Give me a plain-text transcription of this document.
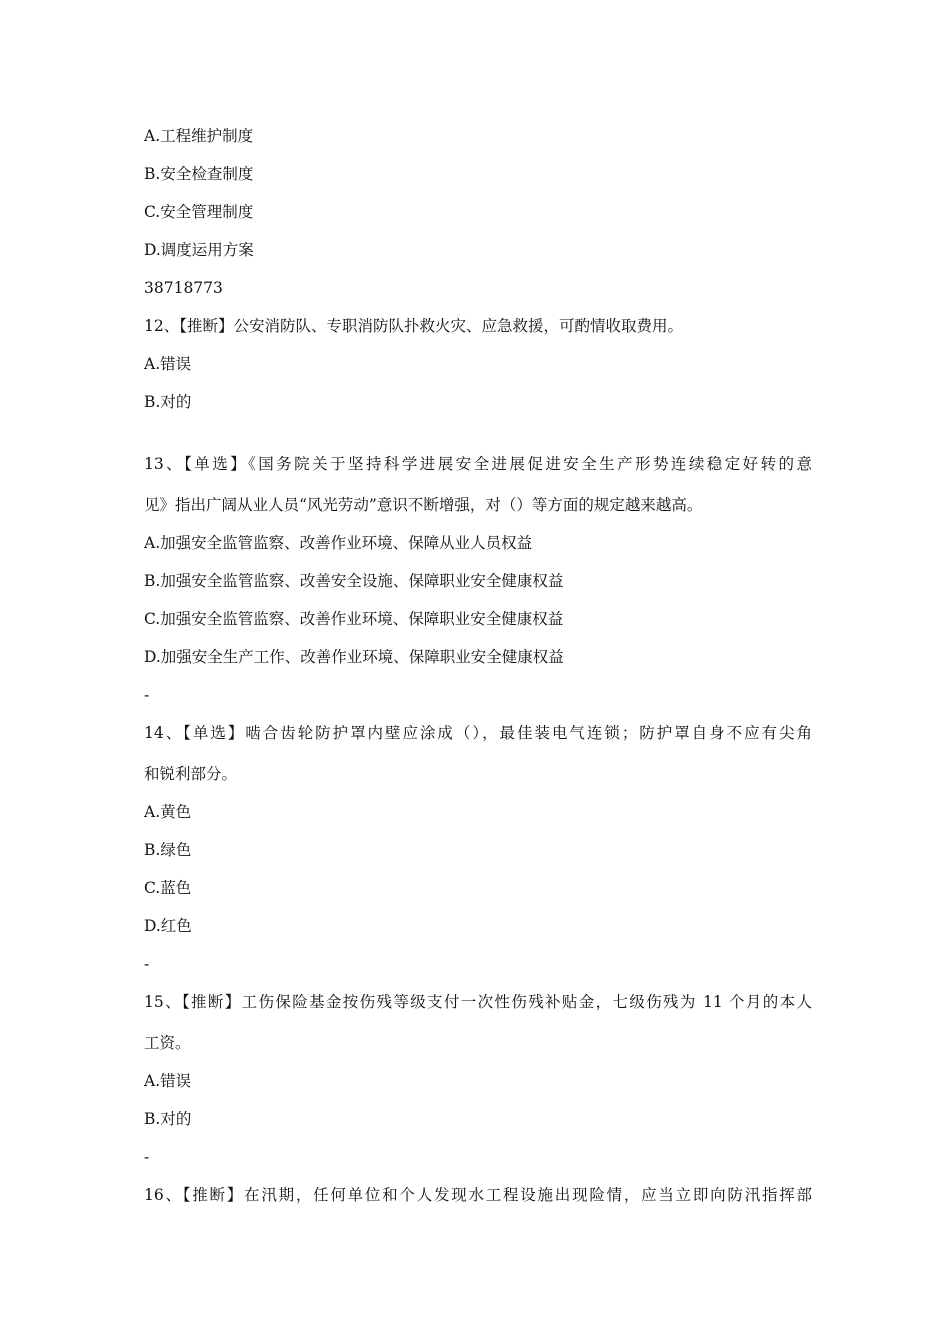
A.工程维护制度
B.安全检查制度
C.安全管理制度
D.调度运用方案
38718773
12、【推断】公安消防队、专职消防队扑救火灾、应急救援，可酌情收取费用。
A.错误
B.对的
13、【单选】《国务院关于坚持科学进展安全进展促进安全生产形势连续稳定好转的意
见》指出广阔从业人员“风光劳动”意识不断增强，对（）等方面的规定越来越高。
A.加强安全监管监察、改善作业环境、保障从业人员权益
B.加强安全监管监察、改善安全设施、保障职业安全健康权益
C.加强安全监管监察、改善作业环境、保障职业安全健康权益
D.加强安全生产工作、改善作业环境、保障职业安全健康权益
-
14、【单选】啮合齿轮防护罩内壁应涂成（），最佳装电气连锁；防护罩自身不应有尖角
和锐利部分。
A.黄色
B.绿色
C.蓝色
D.红色
-
15、【推断】工伤保险基金按伤残等级支付一次性伤残补贴金，七级伤残为 11 个月的本人
工资。
A.错误
B.对的
-
16、【推断】在汛期，任何单位和个人发现水工程设施出现险情，应当立即向防汛指挥部
